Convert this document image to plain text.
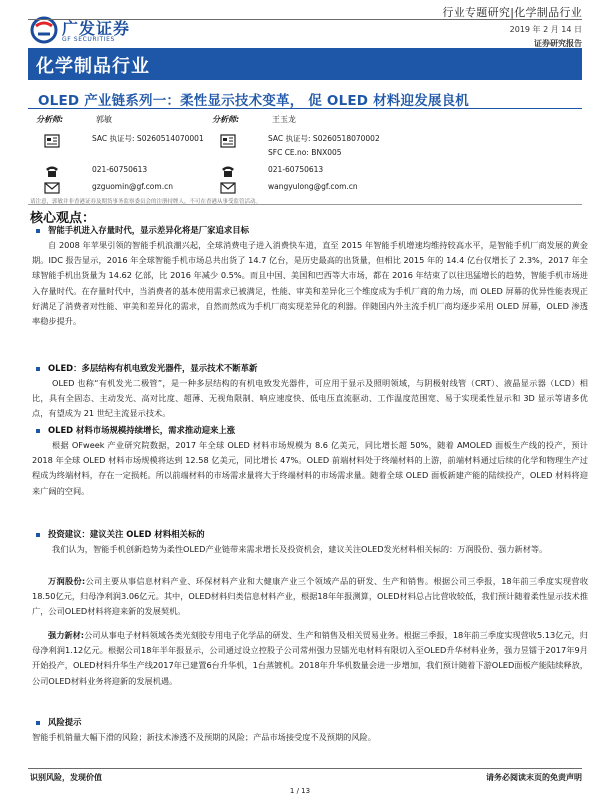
广发证券
GF SECURITIES
行业专题研究|化学制品行业
2019 年 2 月 14 日
证券研究报告
化学制品行业
OLED 产业链系列一：柔性显示技术变革， 促 OLED 材料迎发展良机
分析师:	郭敏
SAC 执证号: S0260514070001
021-60750613
gzguomin@gf.com.cn
分析师:	王玉龙
SAC 执证号: S0260518070002
SFC CE.no: BNX005
021-60750613
wangyulong@gf.com.cn
请注意，郭敏并非香港证券及期货事务监察委员会的注册持牌人，不可在香港从事受监管活动。
核心观点：
智能手机进入存量时代，显示差异化将是厂家追求目标
自 2008 年苹果引领的智能手机浪潮兴起，全球消费电子进入消费快车道，直至 2015 年智能手机增速均维持较高水平，是智能手机厂商发展的黄金期。IDC 报告显示，2016 年全球智能手机市场总共出货了 14.7 亿台，是历史最高的出货量，但相比 2015 年的 14.4 亿台仅增长了 2.3%，2017 年全球智能手机出货量为 14.62 亿部，比 2016 年减少 0.5%。而且中国、美国和巴西等大市场，都在 2016 年结束了以往迅猛增长的趋势，智能手机市场进入存量时代。在存量时代中，当消费者的基本使用需求已被满足，性能、审美和差异化三个维度成为手机厂商的角力场，而 OLED 屏幕的优异性能表现正好满足了消费者对性能、审美和差异化的需求，自然而然成为手机厂商实现差异化的利器。伴随国内外主流手机厂商均逐步采用 OLED 屏幕，OLED 渗透率稳步提升。
OLED：多层结构有机电致发光器件，显示技术不断革新
OLED 也称“有机发光二极管”，是一种多层结构的有机电致发光器件，可应用于显示及照明领域，与阴极射线管（CRT）、液晶显示器（LCD）相比，具有全固态、主动发光、高对比度、超薄、无视角限制、响应速度快、低电压直流驱动、工作温度范围宽、易于实现柔性显示和 3D 显示等诸多优点，有望成为 21 世纪主流显示技术。
OLED 材料市场规模持续增长，需求推动迎来上涨
根据 OFweek 产业研究院数据，2017 年全球 OLED 材料市场规模为 8.6 亿美元，同比增长超 50%，随着 AMOLED 面板生产线的投产，预计 2018 年全球 OLED 材料市场规模将达到 12.58 亿美元，同比增长 47%。OLED 前端材料处于终端材料的上游，前端材料通过后续的化学和物理生产过程成为终端材料，存在一定损耗。所以前端材料的市场需求量将大于终端材料的市场需求量。随着全球 OLED 面板新建产能的陆续投产，OLED 材料将迎来广阔的空间。
投资建议：建议关注 OLED 材料相关标的
我们认为，智能手机创新趋势为柔性OLED产业链带来需求增长及投资机会，建议关注OLED发光材料相关标的：万润股份、强力新材等。
万润股份:公司主要从事信息材料产业、环保材料产业和大健康产业三个领域产品的研发、生产和销售。根据公司三季报，18年前三季度实现营收18.50亿元，归母净利润3.06亿元。其中，OLED材料归类信息材料产业，根据18年年报测算，OLED材料总占比营收较低，我们预计随着柔性显示技术推广，公司OLED材料将迎来新的发展契机。
强力新材:公司从事电子材料领域各类光刻胶专用电子化学品的研发、生产和销售及相关贸易业务。根据三季报，18年前三季度实现营收5.13亿元，归母净利润1.12亿元。根据公司18年半年报显示，公司通过设立控股子公司常州强力昱镭光电材料有限切入至OLED升华材料业务，强力昱镭于2017年9月开始投产，OLED材料升华生产线2017年已建置6台升华机，1台蒸镀机。2018年升华机数量会进一步增加，我们预计随着下游OLED面板产能陆续释放，公司OLED材料业务将迎新的发展机遇。
风险提示
智能手机销量大幅下滑的风险；新技术渗透不及预期的风险；产品市场接受度不及预期的风险。
识别风险，发现价值	请务必阅读末页的免责声明
1 / 13
